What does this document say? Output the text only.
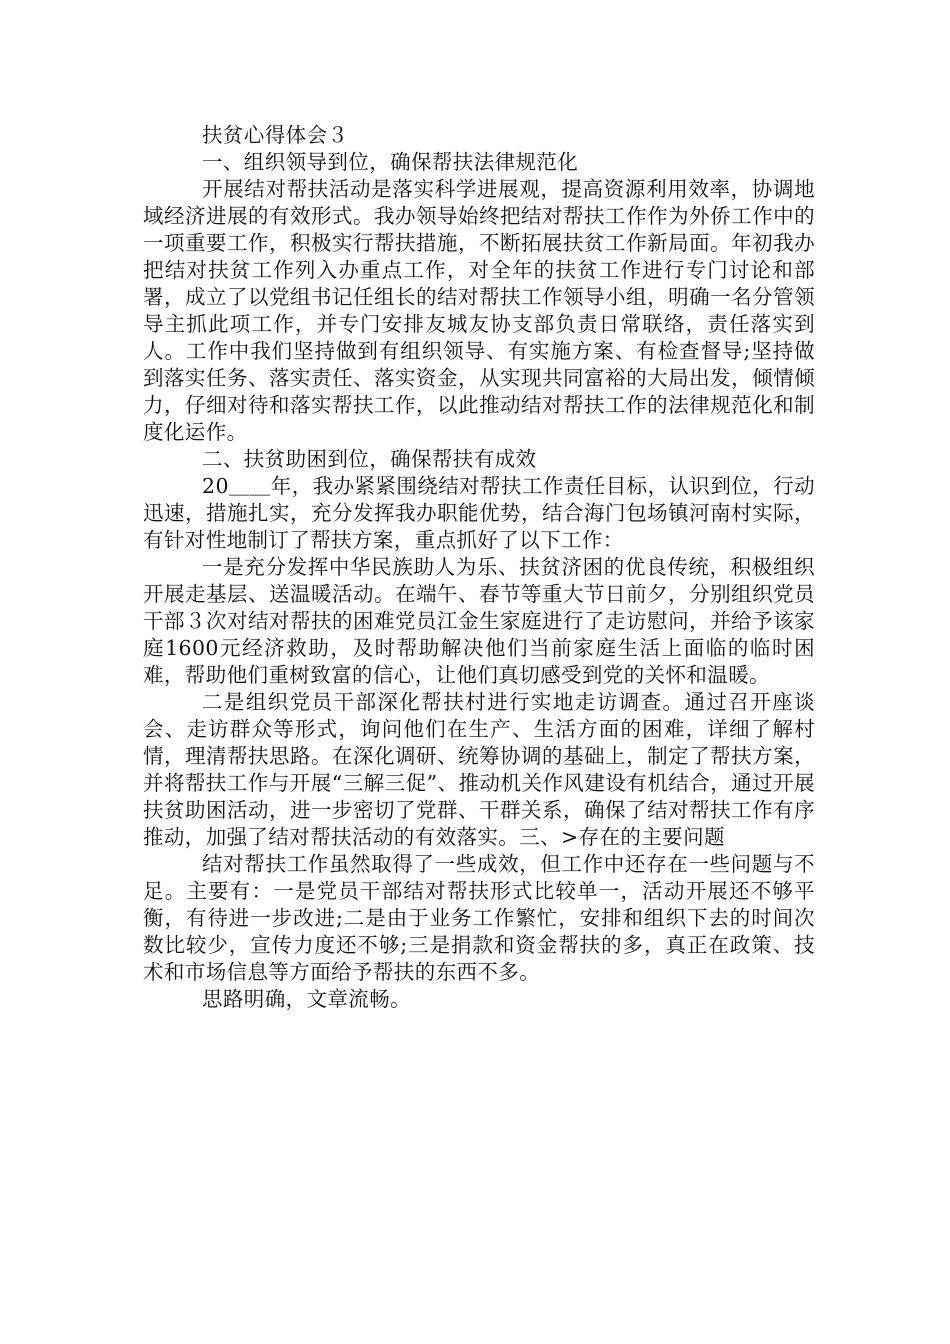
扶贫心得体会３

一、组织领导到位，确保帮扶法律规范化

开展结对帮扶活动是落实科学进展观，提高资源利用效率，协调地域经济进展的有效形式。我办领导始终把结对帮扶工作作为外侨工作中的一项重要工作，积极实行帮扶措施，不断拓展扶贫工作新局面。年初我办把结对扶贫工作列入办重点工作，对全年的扶贫工作进行专门讨论和部署，成立了以党组书记任组长的结对帮扶工作领导小组，明确一名分管领导主抓此项工作，并专门安排友城友协支部负责日常联络，责任落实到人。工作中我们坚持做到有组织领导、有实施方案、有检查督导;坚持做到落实任务、落实责任、落实资金，从实现共同富裕的大局出发，倾情倾力，仔细对待和落实帮扶工作，以此推动结对帮扶工作的法律规范化和制度化运作。

二、扶贫助困到位，确保帮扶有成效

20＿＿年，我办紧紧围绕结对帮扶工作责任目标，认识到位，行动迅速，措施扎实，充分发挥我办职能优势，结合海门包场镇河南村实际，有针对性地制订了帮扶方案，重点抓好了以下工作：

一是充分发挥中华民族助人为乐、扶贫济困的优良传统，积极组织开展走基层、送温暖活动。在端午、春节等重大节日前夕，分别组织党员干部３次对结对帮扶的困难党员江金生家庭进行了走访慰问，并给予该家庭1600元经济救助，及时帮助解决他们当前家庭生活上面临的临时困难，帮助他们重树致富的信心，让他们真切感受到党的关怀和温暖。

二是组织党员干部深化帮扶村进行实地走访调查。通过召开座谈会、走访群众等形式，询问他们在生产、生活方面的困难，详细了解村情，理清帮扶思路。在深化调研、统筹协调的基础上，制定了帮扶方案，并将帮扶工作与开展“三解三促”、推动机关作风建设有机结合，通过开展扶贫助困活动，进一步密切了党群、干群关系，确保了结对帮扶工作有序推动，加强了结对帮扶活动的有效落实。三、>存在的主要问题

结对帮扶工作虽然取得了一些成效，但工作中还存在一些问题与不足。主要有：一是党员干部结对帮扶形式比较单一，活动开展还不够平衡，有待进一步改进;二是由于业务工作繁忙，安排和组织下去的时间次数比较少，宣传力度还不够;三是捐款和资金帮扶的多，真正在政策、技术和市场信息等方面给予帮扶的东西不多。

思路明确，文章流畅。
